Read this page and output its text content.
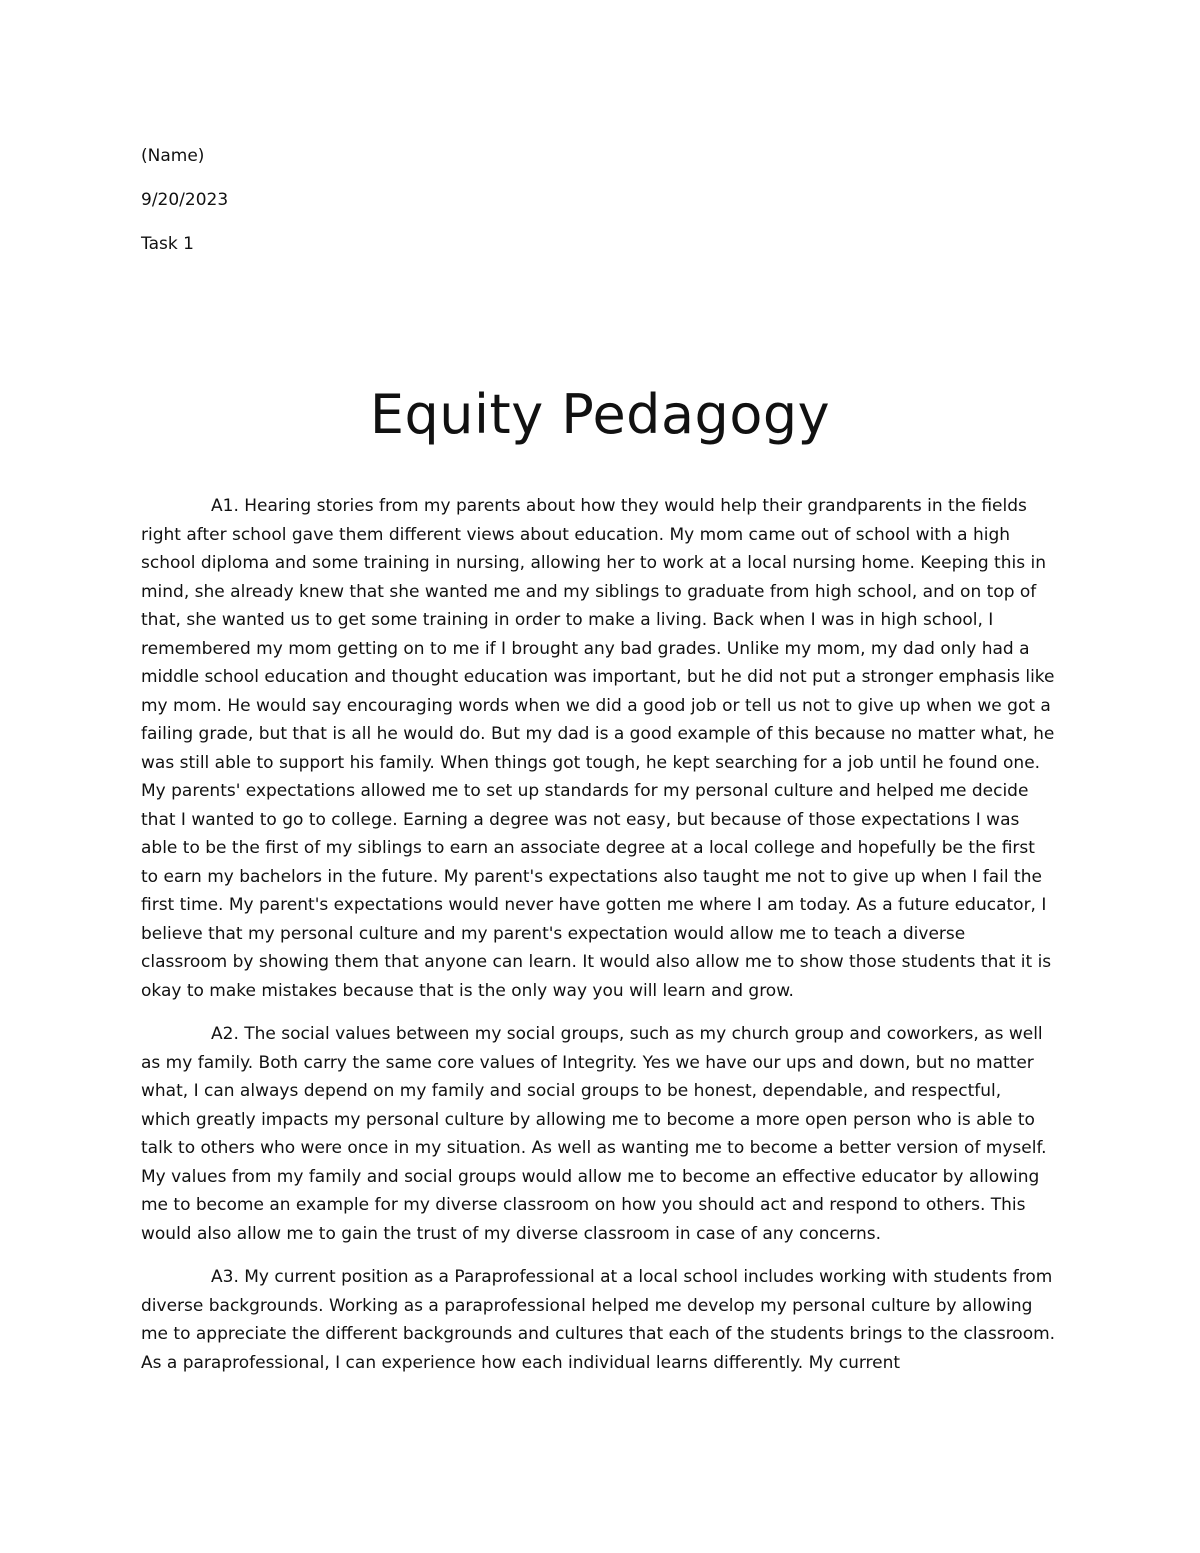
(Name)

9/20/2023

Task 1

Equity Pedagogy

A1. Hearing stories from my parents about how they would help their grandparents in the fields right after school gave them different views about education. My mom came out of school with a high school diploma and some training in nursing, allowing her to work at a local nursing home. Keeping this in mind, she already knew that she wanted me and my siblings to graduate from high school, and on top of that, she wanted us to get some training in order to make a living. Back when I was in high school, I remembered my mom getting on to me if I brought any bad grades. Unlike my mom, my dad only had a middle school education and thought education was important, but he did not put a stronger emphasis like my mom. He would say encouraging words when we did a good job or tell us not to give up when we got a failing grade, but that is all he would do. But my dad is a good example of this because no matter what, he was still able to support his family. When things got tough, he kept searching for a job until he found one. My parents' expectations allowed me to set up standards for my personal culture and helped me decide that I wanted to go to college. Earning a degree was not easy, but because of those expectations I was able to be the first of my siblings to earn an associate degree at a local college and hopefully be the first to earn my bachelors in the future. My parent's expectations also taught me not to give up when I fail the first time. My parent's expectations would never have gotten me where I am today. As a future educator, I believe that my personal culture and my parent's expectation would allow me to teach a diverse classroom by showing them that anyone can learn. It would also allow me to show those students that it is okay to make mistakes because that is the only way you will learn and grow.

A2. The social values between my social groups, such as my church group and coworkers, as well as my family. Both carry the same core values of Integrity. Yes we have our ups and down, but no matter what, I can always depend on my family and social groups to be honest, dependable, and respectful, which greatly impacts my personal culture by allowing me to become a more open person who is able to talk to others who were once in my situation. As well as wanting me to become a better version of myself. My values from my family and social groups would allow me to become an effective educator by allowing me to become an example for my diverse classroom on how you should act and respond to others. This would also allow me to gain the trust of my diverse classroom in case of any concerns.

A3. My current position as a Paraprofessional at a local school includes working with students from diverse backgrounds. Working as a paraprofessional helped me develop my personal culture by allowing me to appreciate the different backgrounds and cultures that each of the students brings to the classroom. As a paraprofessional, I can experience how each individual learns differently. My current
